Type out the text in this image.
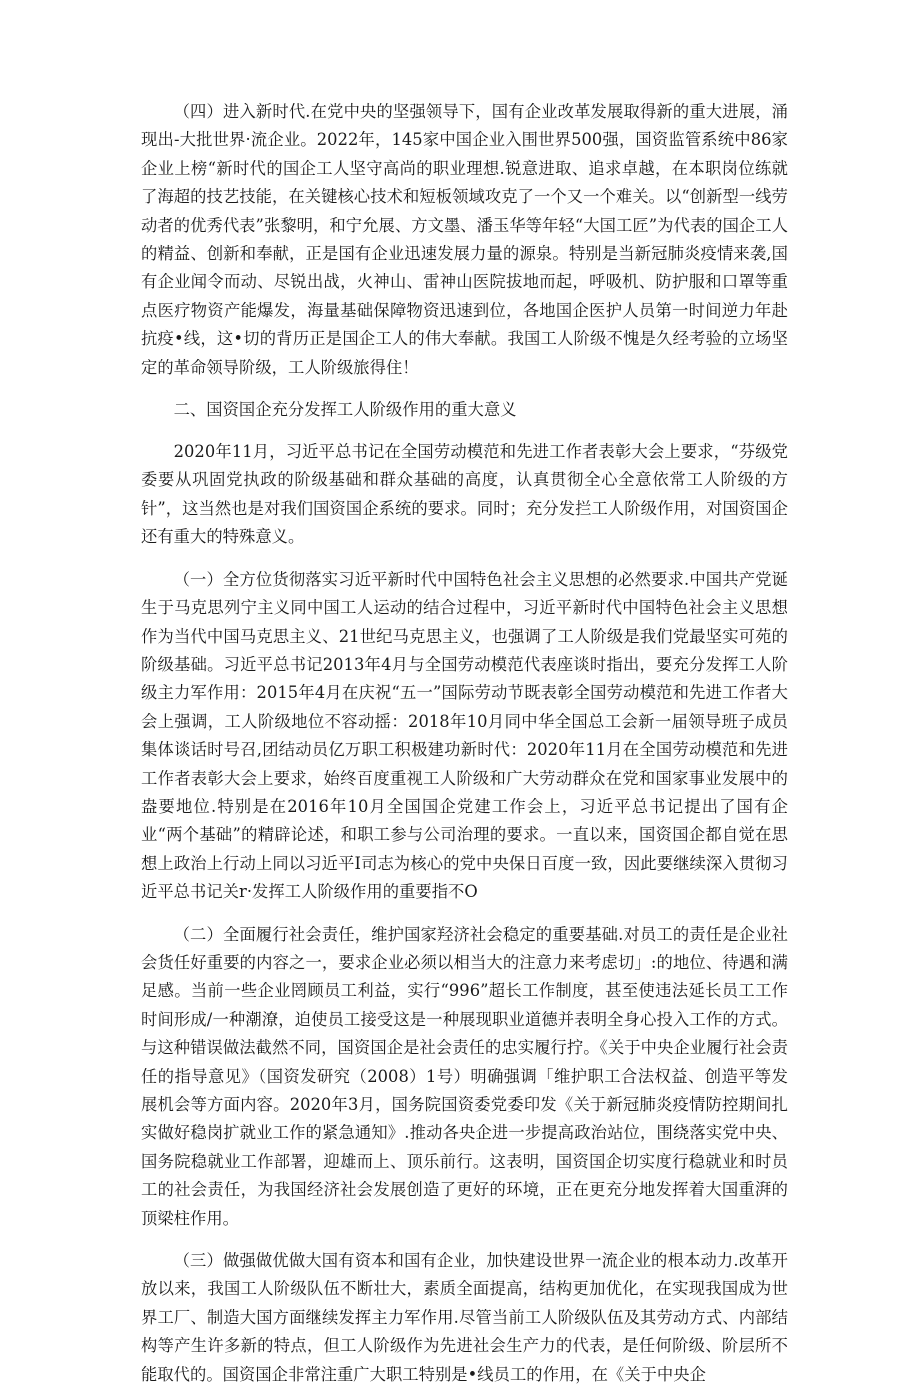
（四）进入新时代.在党中央的坚强领导下，国有企业改革发展取得新的重大进展，涌现出-大批世界·流企业。2022年，145家中国企业入围世界500强，国资监管系统中86家企业上榜“新时代的国企工人坚守高尚的职业理想.锐意进取、追求卓越，在本职岗位练就了海超的技艺技能，在关键核心技术和短板领域攻克了一个又一个难关。以“创新型一线劳动者的优秀代表”张黎明，和宁允展、方文墨、潘玉华等年轻“大国工匠”为代表的国企工人的精益、创新和奉献，正是国有企业迅速发展力量的源泉。特别是当新冠肺炎疫情来袭,国有企业闻令而动、尽锐出战，火神山、雷神山医院拔地而起，呼吸机、防护服和口罩等重点医疗物资产能爆发，海量基础保障物资迅速到位，各地国企医护人员第一时间逆力年赴抗疫•线，这•切的背历正是国企工人的伟大奉献。我国工人阶级不愧是久经考验的立场坚定的革命领导阶级，工人阶级旅得住！

二、国资国企充分发挥工人阶级作用的重大意义

2020年11月，习近平总书记在全国劳动模范和先进工作者表彰大会上要求，“芬级党委要从巩固党执政的阶级基础和群众基础的高度，认真贯彻全心全意依常工人阶级的方针”，这当然也是对我们国资国企系统的要求。同时；充分发拦工人阶级作用，对国资国企还有重大的特殊意义。

（一）全方位货彻落实习近平新时代中国特色社会主义思想的必然要求.中国共产党诞生于马克思列宁主义同中国工人运动的结合过程中，习近平新时代中国特色社会主义思想作为当代中国马克思主义、21世纪马克思主义，也强调了工人阶级是我们党最坚实可苑的阶级基础。习近平总书记2013年4月与全国劳动模范代表座谈时指出，要充分发挥工人阶级主力军作用：2015年4月在庆祝“五一”国际劳动节既表彰全国劳动模范和先进工作者大会上强调，工人阶级地位不容动摇：2018年10月同中华全国总工会新一届领导班子成员集体谈话时号召,团结动员亿万职工积极建功新时代：2020年11月在全国劳动模范和先进工作者表彰大会上要求，始终百度重视工人阶级和广大劳动群众在党和国家事业发展中的盎要地位.特别是在2016年10月全国国企党建工作会上，习近平总书记提出了国有企业“两个基础”的精辟论述，和职工参与公司治理的要求。一直以来，国资国企都自觉在思想上政治上行动上同以习近平I司志为核心的党中央保日百度一致，因此要继续深入贯彻习近平总书记关r·发挥工人阶级作用的重要指不O

（二）全面履行社会责任，维护国家羟济社会稳定的重要基础.对员工的责任是企业社会货任好重要的内容之一，要求企业必须以相当大的注意力来考虑切」:的地位、待遇和满足感。当前一些企业罔顾员工利益，实行“996”超长工作制度，甚至使违法延长员工工作时间形成/一种潮潦，迫使员工接受这是一种展现职业道德并表明全身心投入工作的方式。与这种错误做法截然不同，国资国企是社会责任的忠实履行拧。《关于中央企业履行社会责任的指导意见》（国资发研究（2008）1号）明确强调「维护职工合法权益、创造平等发展机会等方面内容。2020年3月，国务院国资委党委印发《关于新冠肺炎疫情防控期间扎实做好稳岗扩就业工作的紧急通知》.推动各央企进一步提高政治站位，围绕落实党中央、国务院稳就业工作部署，迎雄而上、顶乐前行。这表明，国资国企切实度行稳就业和时员工的社会责任，为我国经济社会发展创造了更好的环境，正在更充分地发挥着大国重湃的顶梁柱作用。

（三）做强做优做大国有资本和国有企业，加快建设世界一流企业的根本动力.改革开放以来，我国工人阶级队伍不断壮大，素质全面提高，结构更加优化，在实现我国成为世界工厂、制造大国方面继续发挥主力军作用.尽管当前工人阶级队伍及其劳动方式、内部结构等产生许多新的特点，但工人阶级作为先进社会生产力的代表，是任何阶级、阶层所不能取代的。国资国企非常注重广大职工特别是•线员工的作用，在《关于中央企
